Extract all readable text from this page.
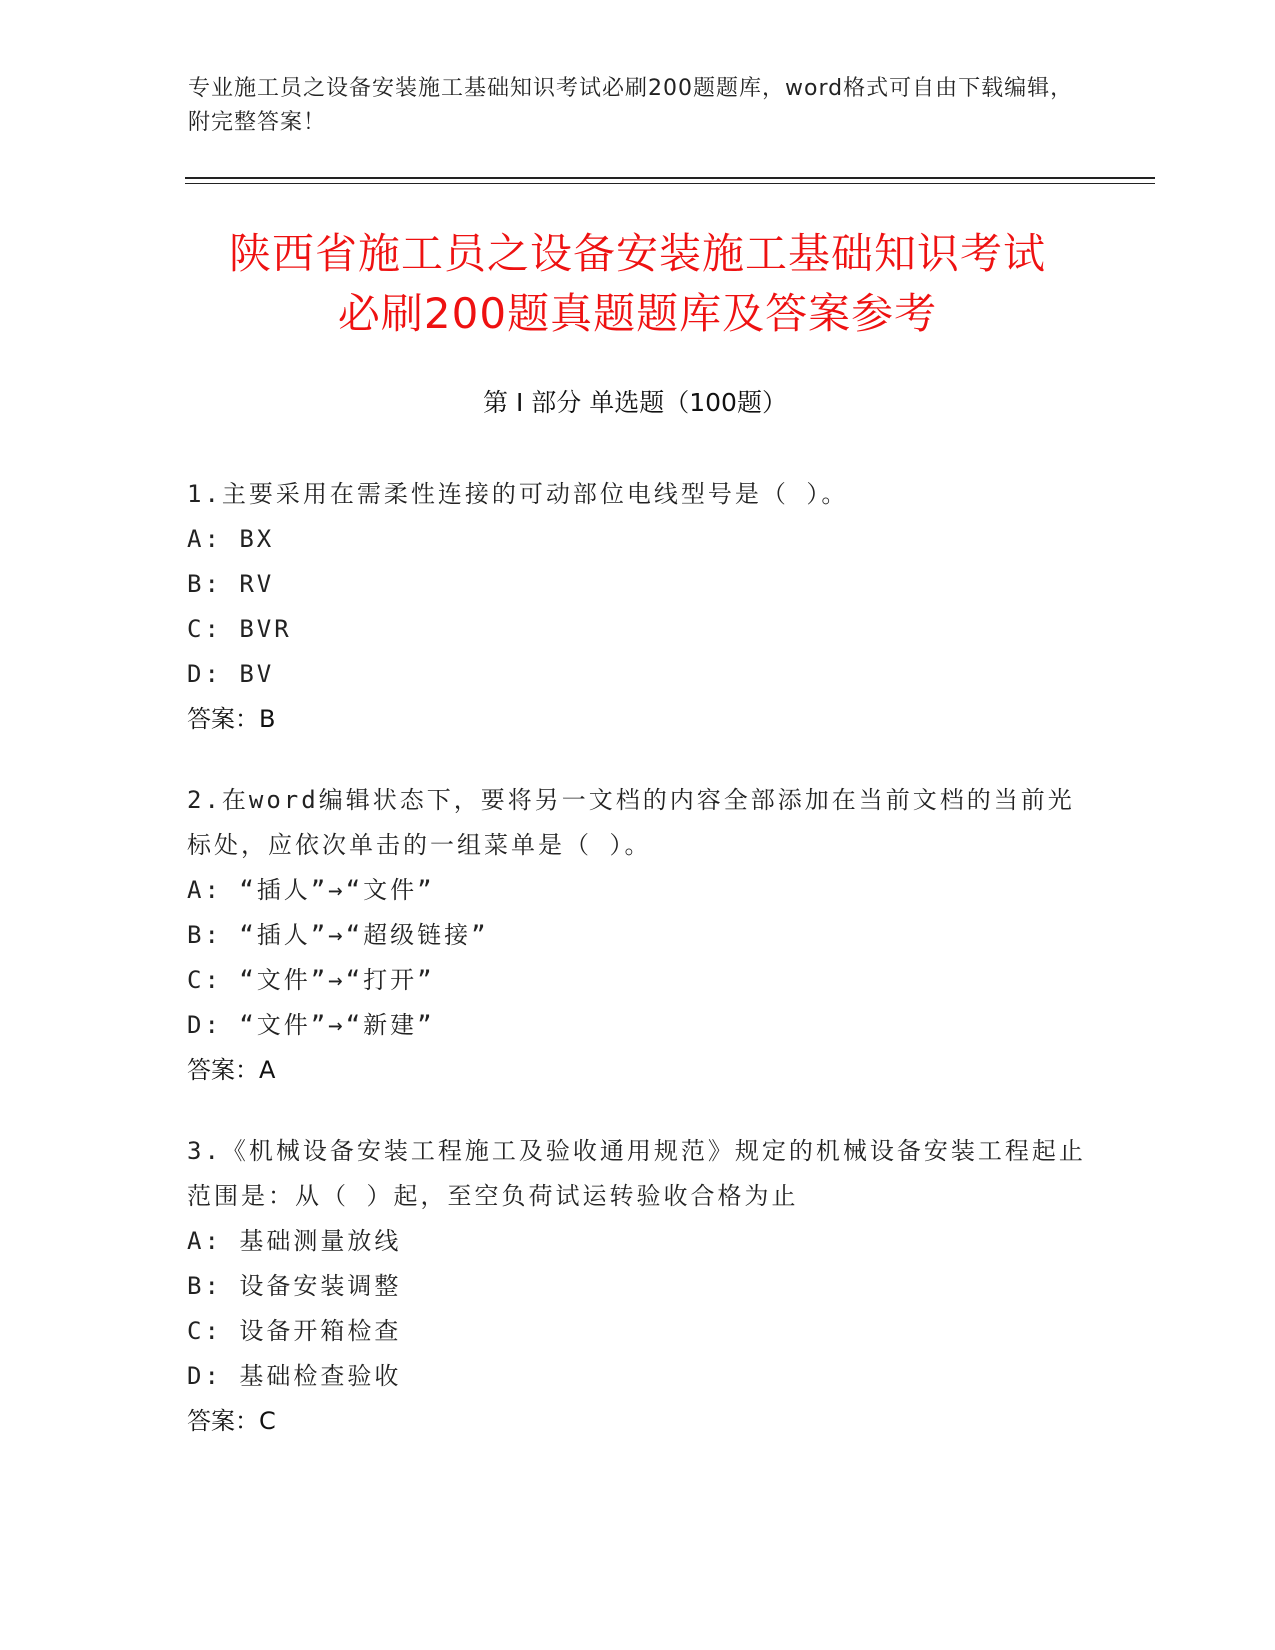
专业施工员之设备安装施工基础知识考试必刷200题题库，word格式可自由下载编辑，附完整答案！
陕西省施工员之设备安装施工基础知识考试
必刷200题真题题库及答案参考
第 I 部分 单选题（100题）
1.主要采用在需柔性连接的可动部位电线型号是（ ）。
A: BX
B: RV
C: BVR
D: BV
答案：B
2.在word编辑状态下，要将另一文档的内容全部添加在当前文档的当前光标处，应依次单击的一组菜单是（ ）。
A: “插人”→“文件”
B: “插人”→“超级链接”
C: “文件”→“打开”
D: “文件”→“新建”
答案：A
3.《机械设备安装工程施工及验收通用规范》规定的机械设备安装工程起止范围是：从（ ）起，至空负荷试运转验收合格为止
A: 基础测量放线
B: 设备安装调整
C: 设备开箱检查
D: 基础检查验收
答案：C
